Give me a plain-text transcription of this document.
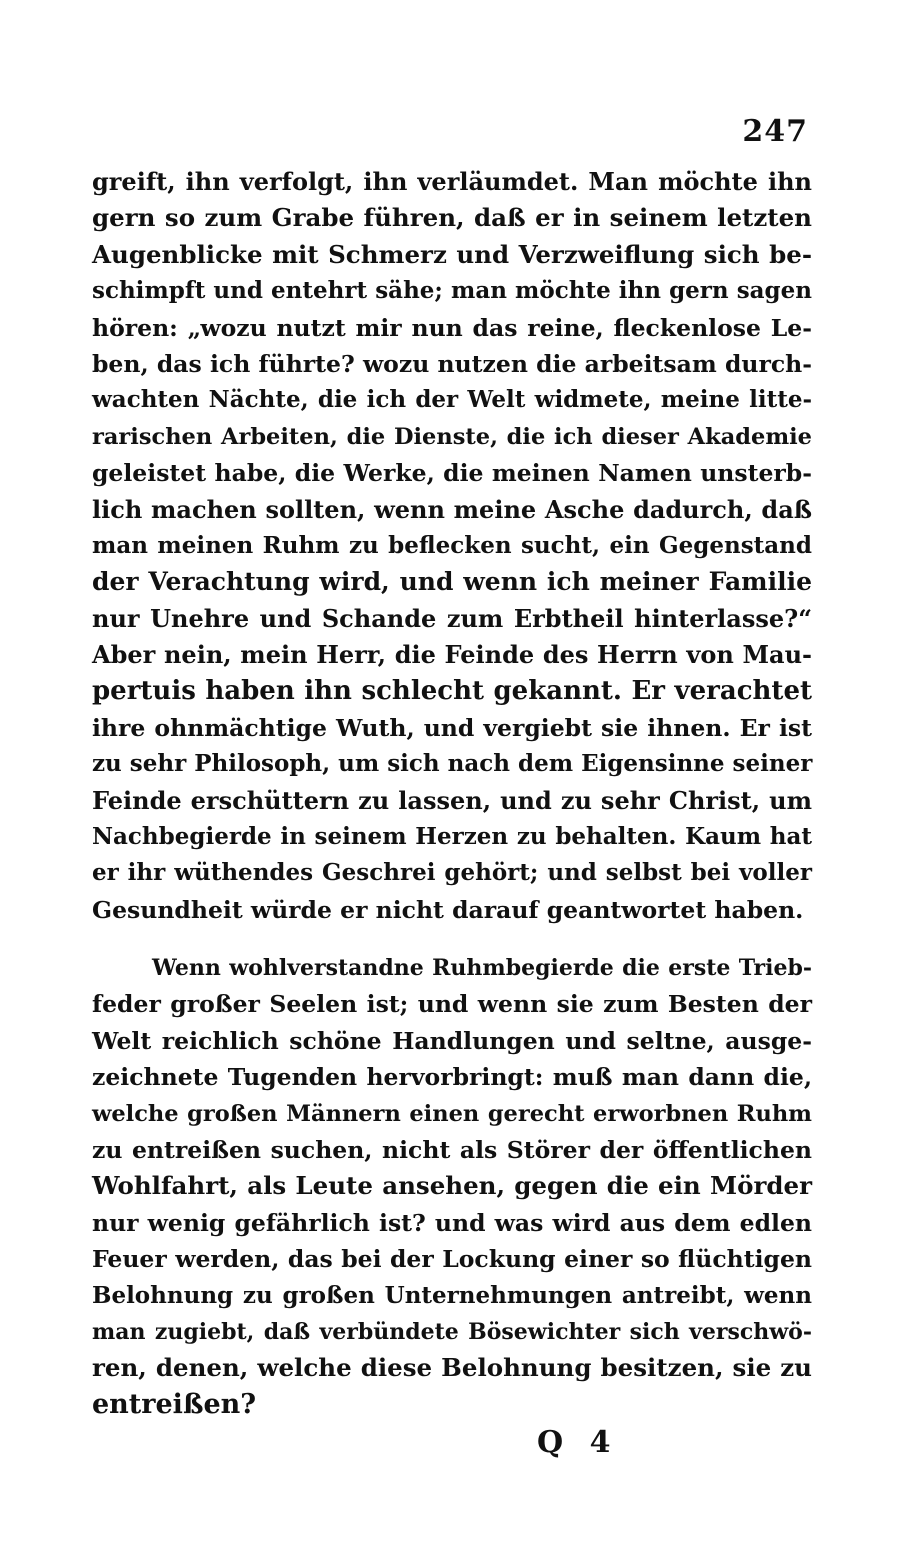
247
greift, ihn verfolgt, ihn verläumdet. Man möchte ihn
gern so zum Grabe führen, daß er in seinem letzten
Augenblicke mit Schmerz und Verzweiflung sich be-
schimpft und entehrt sähe; man möchte ihn gern sagen
hören: „wozu nutzt mir nun das reine, fleckenlose Le-
ben, das ich führte? wozu nutzen die arbeitsam durch-
wachten Nächte, die ich der Welt widmete, meine litte-
rarischen Arbeiten, die Dienste, die ich dieser Akademie
geleistet habe, die Werke, die meinen Namen unsterb-
lich machen sollten, wenn meine Asche dadurch, daß
man meinen Ruhm zu beflecken sucht, ein Gegenstand
der Verachtung wird, und wenn ich meiner Familie
nur Unehre und Schande zum Erbtheil hinterlasse?“
Aber nein, mein Herr, die Feinde des Herrn von Mau-
pertuis haben ihn schlecht gekannt. Er verachtet
ihre ohnmächtige Wuth, und vergiebt sie ihnen. Er ist
zu sehr Philosoph, um sich nach dem Eigensinne seiner
Feinde erschüttern zu lassen, und zu sehr Christ, um
Nachbegierde in seinem Herzen zu behalten. Kaum hat
er ihr wüthendes Geschrei gehört; und selbst bei voller
Gesundheit würde er nicht darauf geantwortet haben.
Wenn wohlverstandne Ruhmbegierde die erste Trieb-
feder großer Seelen ist; und wenn sie zum Besten der
Welt reichlich schöne Handlungen und seltne, ausge-
zeichnete Tugenden hervorbringt: muß man dann die,
welche großen Männern einen gerecht erworbnen Ruhm
zu entreißen suchen, nicht als Störer der öffentlichen
Wohlfahrt, als Leute ansehen, gegen die ein Mörder
nur wenig gefährlich ist? und was wird aus dem edlen
Feuer werden, das bei der Lockung einer so flüchtigen
Belohnung zu großen Unternehmungen antreibt, wenn
man zugiebt, daß verbündete Bösewichter sich verschwö-
ren, denen, welche diese Belohnung besitzen, sie zu
entreißen?
Q 4
